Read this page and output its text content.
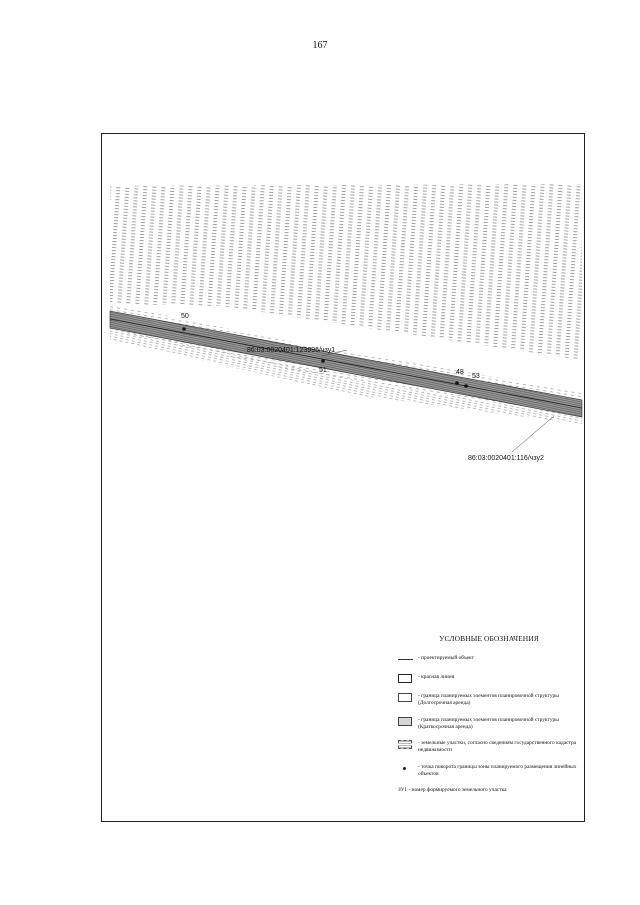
167
50
86:03:0020401:123996/чзу1
51	48
53
86:03:0020401:116/чзу2
УСЛОВНЫЕ ОБОЗНАЧЕНИЯ
- проектируемый объект
- красная линия
- граница планируемых элементов планировочной структуры (Долгосрочная аренда)
- граница планируемых элементов планировочной структуры (Краткосрочная аренда)
- земельные участки, согласно сведениям государственного кадастра недвижимости
- точка поворота границы зоны планируемого размещения линейных объектов
ЗУ1 - номер формируемого земельного участка
